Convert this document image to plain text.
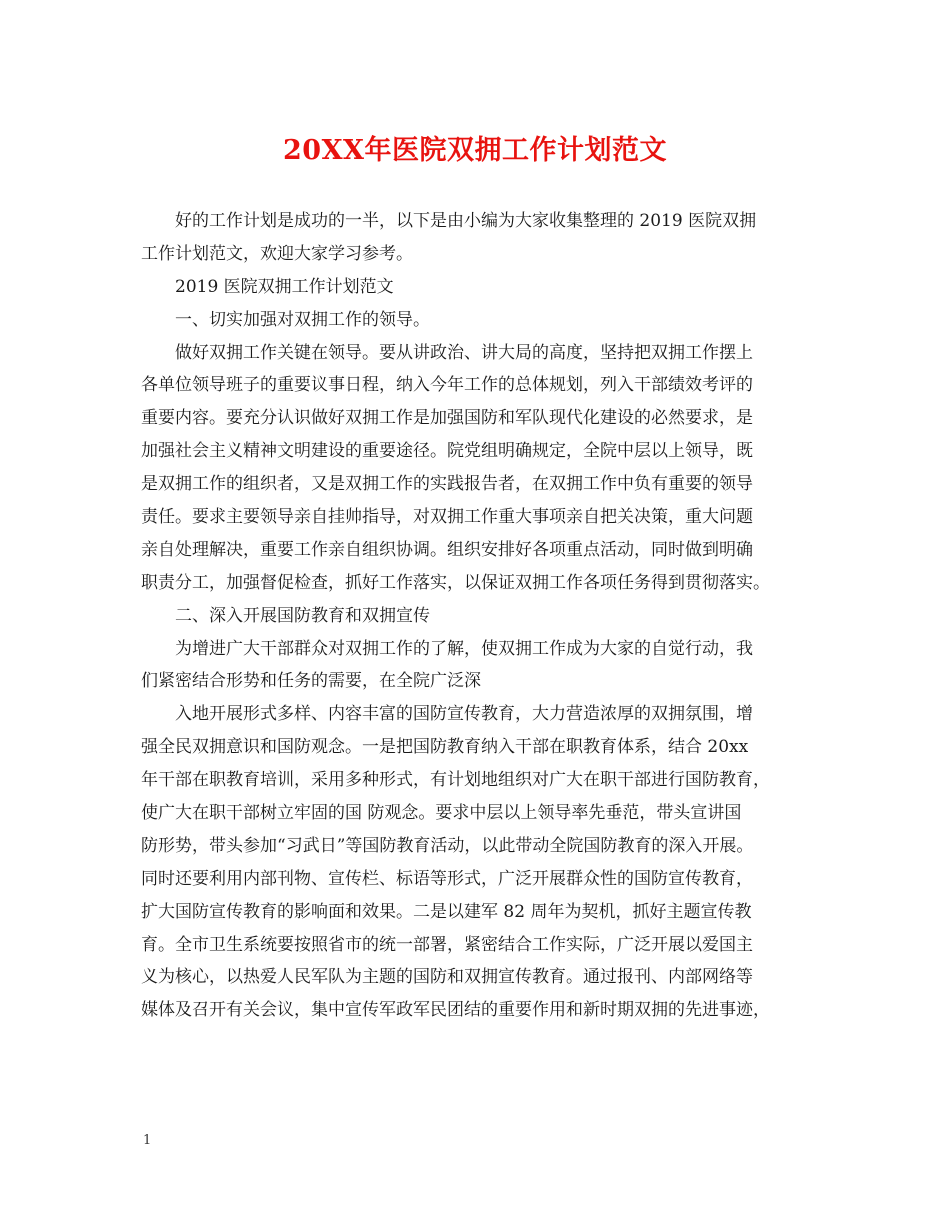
20XX年医院双拥工作计划范文
好的工作计划是成功的一半，以下是由小编为大家收集整理的 2019 医院双拥
工作计划范文，欢迎大家学习参考。
2019 医院双拥工作计划范文
一、切实加强对双拥工作的领导。
做好双拥工作关键在领导。要从讲政治、讲大局的高度，坚持把双拥工作摆上
各单位领导班子的重要议事日程，纳入今年工作的总体规划，列入干部绩效考评的
重要内容。要充分认识做好双拥工作是加强国防和军队现代化建设的必然要求，是
加强社会主义精神文明建设的重要途径。院党组明确规定，全院中层以上领导，既
是双拥工作的组织者，又是双拥工作的实践报告者，在双拥工作中负有重要的领导
责任。要求主要领导亲自挂帅指导，对双拥工作重大事项亲自把关决策，重大问题
亲自处理解决，重要工作亲自组织协调。组织安排好各项重点活动，同时做到明确
职责分工，加强督促检查，抓好工作落实，以保证双拥工作各项任务得到贯彻落实。
二、深入开展国防教育和双拥宣传
为增进广大干部群众对双拥工作的了解，使双拥工作成为大家的自觉行动，我
们紧密结合形势和任务的需要，在全院广泛深
入地开展形式多样、内容丰富的国防宣传教育，大力营造浓厚的双拥氛围，增
强全民双拥意识和国防观念。一是把国防教育纳入干部在职教育体系，结合 20xx
年干部在职教育培训，采用多种形式，有计划地组织对广大在职干部进行国防教育，
使广大在职干部树立牢固的国 防观念。要求中层以上领导率先垂范，带头宣讲国
防形势，带头参加“习武日”等国防教育活动，以此带动全院国防教育的深入开展。
同时还要利用内部刊物、宣传栏、标语等形式，广泛开展群众性的国防宣传教育，
扩大国防宣传教育的影响面和效果。二是以建军 82 周年为契机，抓好主题宣传教
育。全市卫生系统要按照省市的统一部署，紧密结合工作实际，广泛开展以爱国主
义为核心，以热爱人民军队为主题的国防和双拥宣传教育。通过报刊、内部网络等
媒体及召开有关会议，集中宣传军政军民团结的重要作用和新时期双拥的先进事迹，
1
